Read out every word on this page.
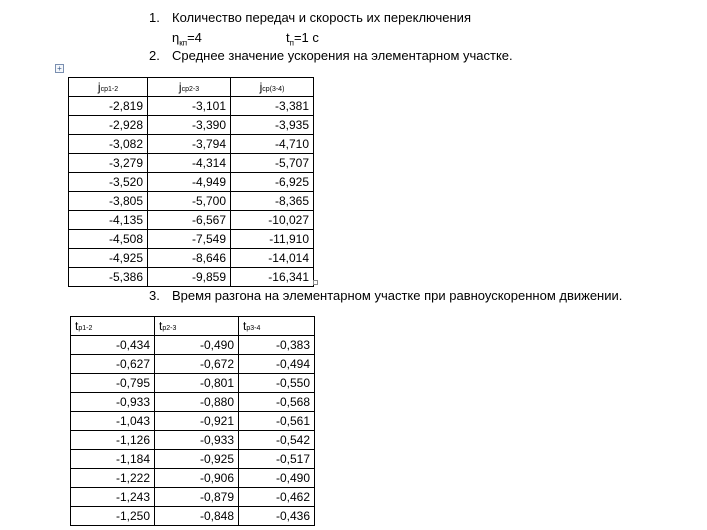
1. Количество передач и скорость их переключения
$\eta_{кп}=4$	$t_п=1$ с
2. Среднее значение ускорения на элементарном участке.
+
jср1-2	jср2-3	jср(3-4)
-2,819	-3,101	-3,381
-2,928	-3,390	-3,935
-3,082	-3,794	-4,710
-3,279	-4,314	-5,707
-3,520	-4,949	-6,925
-3,805	-5,700	-8,365
-4,135	-6,567	-10,027
-4,508	-7,549	-11,910
-4,925	-8,646	-14,014
-5,386	-9,859	-16,341
3. Время разгона на элементарном участке при равноускоренном движении.
tp1-2	tp2-3	tp3-4
-0,434	-0,490	-0,383
-0,627	-0,672	-0,494
-0,795	-0,801	-0,550
-0,933	-0,880	-0,568
-1,043	-0,921	-0,561
-1,126	-0,933	-0,542
-1,184	-0,925	-0,517
-1,222	-0,906	-0,490
-1,243	-0,879	-0,462
-1,250	-0,848	-0,436
